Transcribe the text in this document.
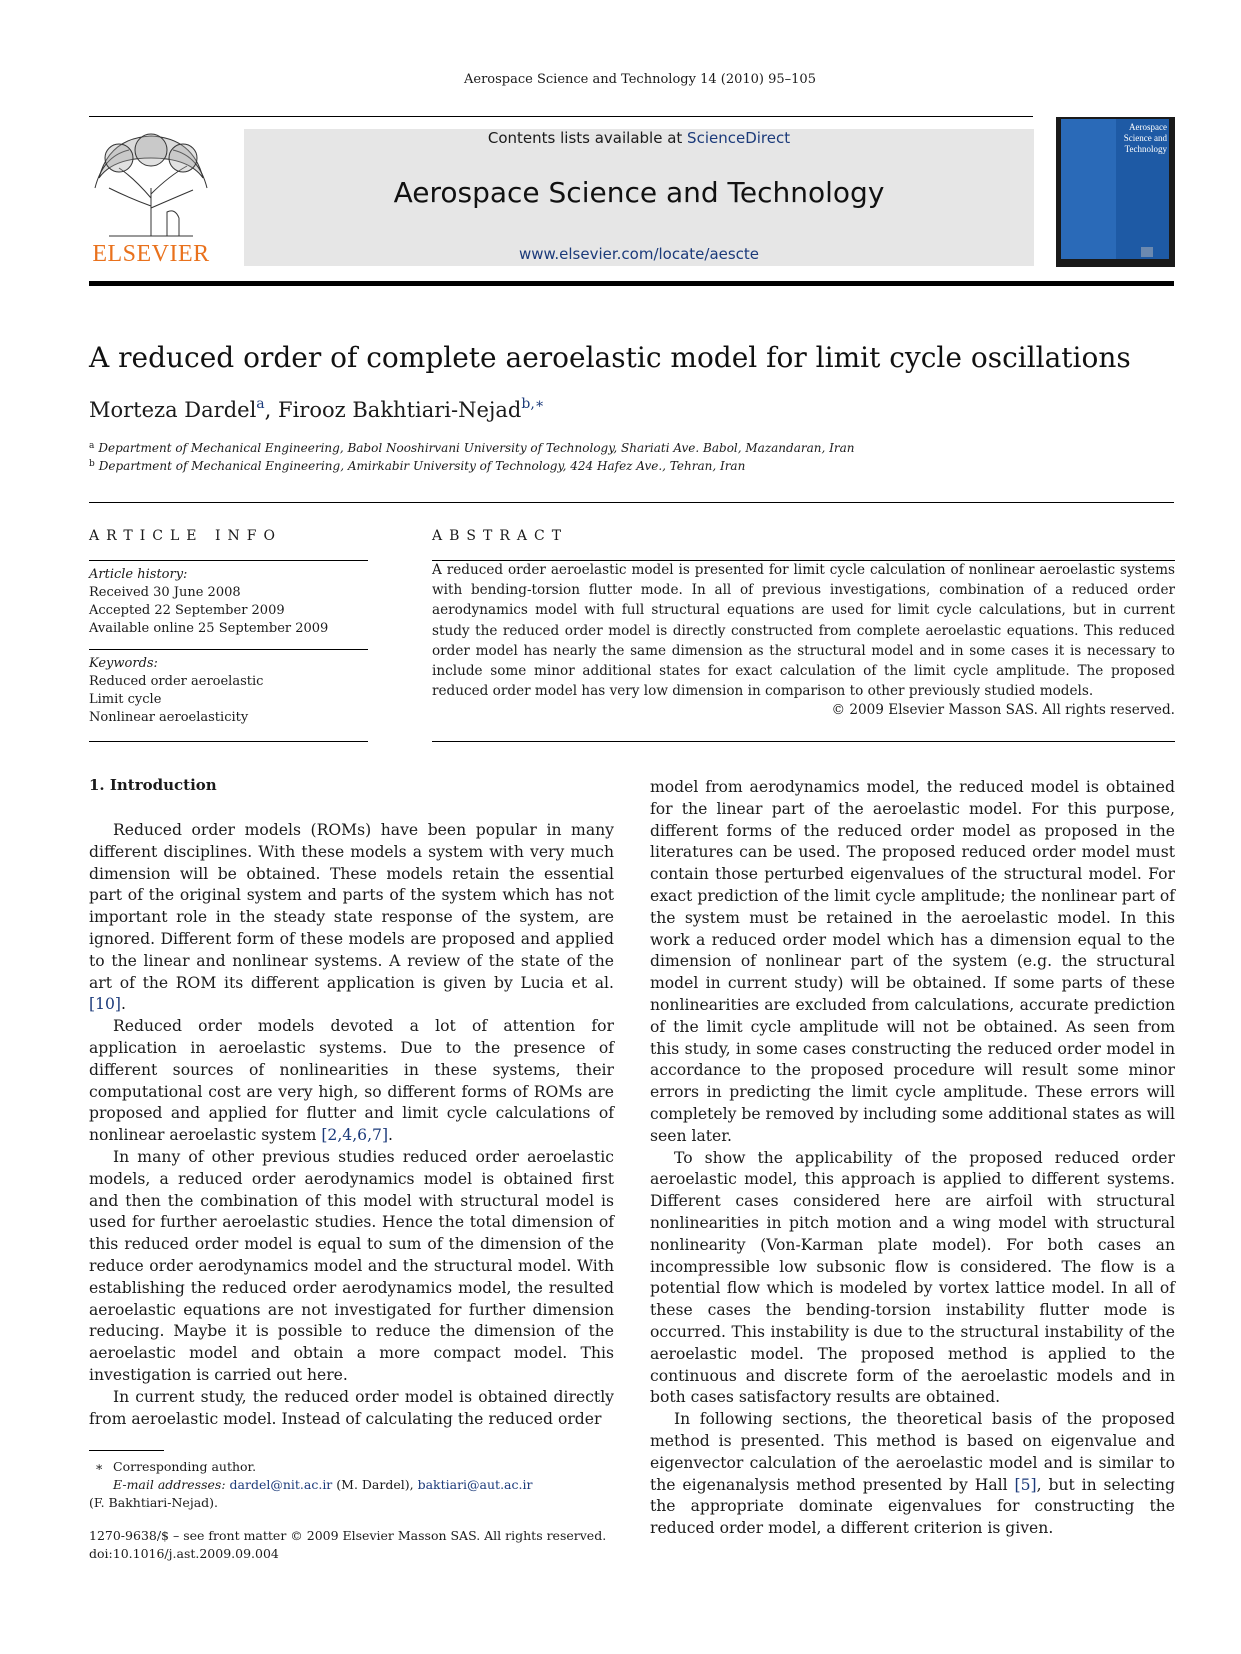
Aerospace Science and Technology 14 (2010) 95–105
ELSEVIER
Contents lists available at ScienceDirect
Aerospace Science and Technology
www.elsevier.com/locate/aescte
Aerospace Science and Technology
A reduced order of complete aeroelastic model for limit cycle oscillations
Morteza Dardel$^a$, Firooz Bakhtiari-Nejad$^{b,∗}$
$^a$ Department of Mechanical Engineering, Babol Nooshirvani University of Technology, Shariati Ave. Babol, Mazandaran, Iran
$^b$ Department of Mechanical Engineering, Amirkabir University of Technology, 424 Hafez Ave., Tehran, Iran
ARTICLE INFO	ABSTRACT
Article history:
Received 30 June 2008
Accepted 22 September 2009
Available online 25 September 2009
Keywords:
Reduced order aeroelastic
Limit cycle
Nonlinear aeroelasticity
A reduced order aeroelastic model is presented for limit cycle calculation of nonlinear aeroelastic systems with bending-torsion flutter mode. In all of previous investigations, combination of a reduced order aerodynamics model with full structural equations are used for limit cycle calculations, but in current study the reduced order model is directly constructed from complete aeroelastic equations. This reduced order model has nearly the same dimension as the structural model and in some cases it is necessary to include some minor additional states for exact calculation of the limit cycle amplitude. The proposed reduced order model has very low dimension in comparison to other previously studied models.
© 2009 Elsevier Masson SAS. All rights reserved.
1. Introduction

Reduced order models (ROMs) have been popular in many different disciplines. With these models a system with very much dimension will be obtained. These models retain the essential part of the original system and parts of the system which has not important role in the steady state response of the system, are ignored. Different form of these models are proposed and applied to the linear and nonlinear systems. A review of the state of the art of the ROM its different application is given by Lucia et al. [10].

Reduced order models devoted a lot of attention for application in aeroelastic systems. Due to the presence of different sources of nonlinearities in these systems, their computational cost are very high, so different forms of ROMs are proposed and applied for flutter and limit cycle calculations of nonlinear aeroelastic system [2,4,6,7].

In many of other previous studies reduced order aeroelastic models, a reduced order aerodynamics model is obtained first and then the combination of this model with structural model is used for further aeroelastic studies. Hence the total dimension of this reduced order model is equal to sum of the dimension of the reduce order aerodynamics model and the structural model. With establishing the reduced order aerodynamics model, the resulted aeroelastic equations are not investigated for further dimension reducing. Maybe it is possible to reduce the dimension of the aeroelastic model and obtain a more compact model. This investigation is carried out here.

In current study, the reduced order model is obtained directly from aeroelastic model. Instead of calculating the reduced order

model from aerodynamics model, the reduced model is obtained for the linear part of the aeroelastic model. For this purpose, different forms of the reduced order model as proposed in the literatures can be used. The proposed reduced order model must contain those perturbed eigenvalues of the structural model. For exact prediction of the limit cycle amplitude; the nonlinear part of the system must be retained in the aeroelastic model. In this work a reduced order model which has a dimension equal to the dimension of nonlinear part of the system (e.g. the structural model in current study) will be obtained. If some parts of these nonlinearities are excluded from calculations, accurate prediction of the limit cycle amplitude will not be obtained. As seen from this study, in some cases constructing the reduced order model in accordance to the proposed procedure will result some minor errors in predicting the limit cycle amplitude. These errors will completely be removed by including some additional states as will seen later.

To show the applicability of the proposed reduced order aeroelastic model, this approach is applied to different systems. Different cases considered here are airfoil with structural nonlinearities in pitch motion and a wing model with structural nonlinearity (Von-Karman plate model). For both cases an incompressible low subsonic flow is considered. The flow is a potential flow which is modeled by vortex lattice model. In all of these cases the bending-torsion instability flutter mode is occurred. This instability is due to the structural instability of the aeroelastic model. The proposed method is applied to the continuous and discrete form of the aeroelastic models and in both cases satisfactory results are obtained.

In following sections, the theoretical basis of the proposed method is presented. This method is based on eigenvalue and eigenvector calculation of the aeroelastic model and is similar to the eigenanalysis method presented by Hall [5], but in selecting the appropriate dominate eigenvalues for constructing the reduced order model, a different criterion is given.

∗ Corresponding author.
E-mail addresses: dardel@nit.ac.ir (M. Dardel), baktiari@aut.ac.ir
(F. Bakhtiari-Nejad).
1270-9638/$ – see front matter © 2009 Elsevier Masson SAS. All rights reserved.
doi:10.1016/j.ast.2009.09.004
